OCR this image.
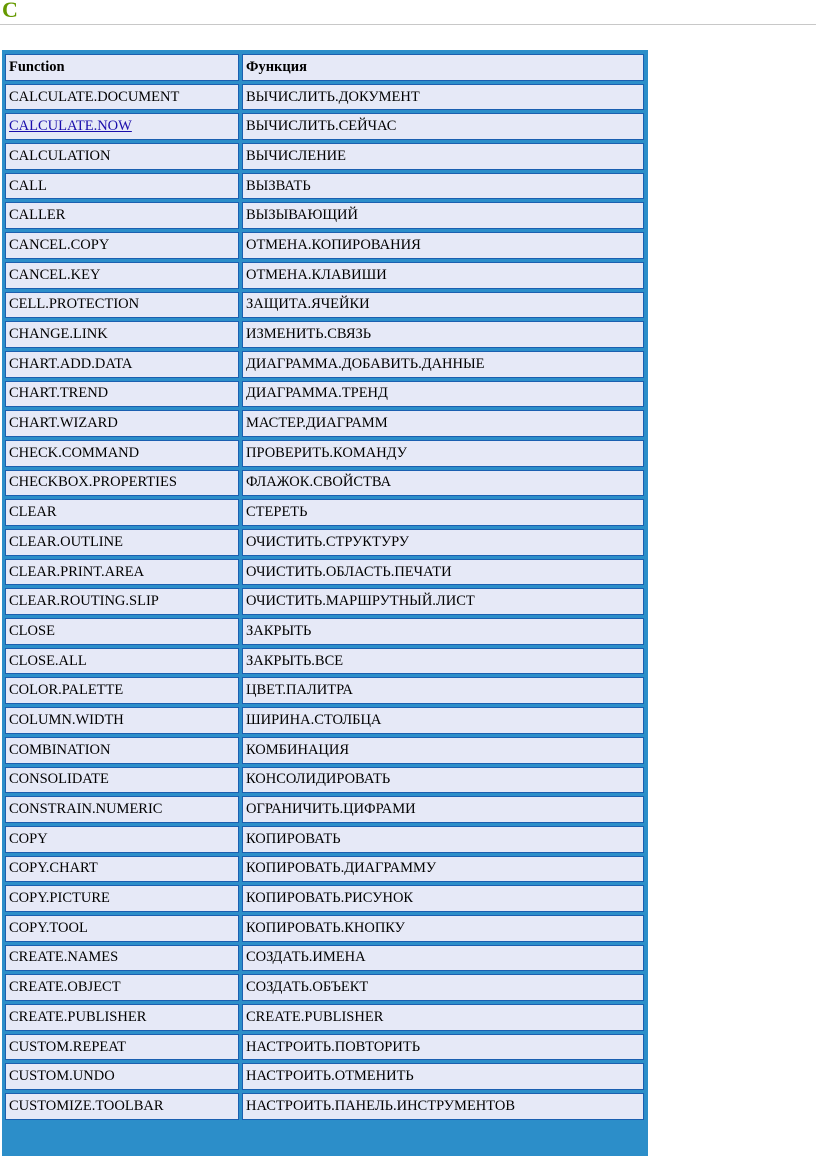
C
Function	Функция
CALCULATE.DOCUMENT	ВЫЧИСЛИТЬ.ДОКУМЕНТ
CALCULATE.NOW	ВЫЧИСЛИТЬ.СЕЙЧАС
CALCULATION	ВЫЧИСЛЕНИЕ
CALL	ВЫЗВАТЬ
CALLER	ВЫЗЫВАЮЩИЙ
CANCEL.COPY	ОТМЕНА.КОПИРОВАНИЯ
CANCEL.KEY	ОТМЕНА.КЛАВИШИ
CELL.PROTECTION	ЗАЩИТА.ЯЧЕЙКИ
CHANGE.LINK	ИЗМЕНИТЬ.СВЯЗЬ
CHART.ADD.DATA	ДИАГРАММА.ДОБАВИТЬ.ДАННЫЕ
CHART.TREND	ДИАГРАММА.ТРЕНД
CHART.WIZARD	МАСТЕР.ДИАГРАММ
CHECK.COMMAND	ПРОВЕРИТЬ.КОМАНДУ
CHECKBOX.PROPERTIES	ФЛАЖОК.СВОЙСТВА
CLEAR	СТЕРЕТЬ
CLEAR.OUTLINE	ОЧИСТИТЬ.СТРУКТУРУ
CLEAR.PRINT.AREA	ОЧИСТИТЬ.ОБЛАСТЬ.ПЕЧАТИ
CLEAR.ROUTING.SLIP	ОЧИСТИТЬ.МАРШРУТНЫЙ.ЛИСТ
CLOSE	ЗАКРЫТЬ
CLOSE.ALL	ЗАКРЫТЬ.ВСЕ
COLOR.PALETTE	ЦВЕТ.ПАЛИТРА
COLUMN.WIDTH	ШИРИНА.СТОЛБЦА
COMBINATION	КОМБИНАЦИЯ
CONSOLIDATE	КОНСОЛИДИРОВАТЬ
CONSTRAIN.NUMERIC	ОГРАНИЧИТЬ.ЦИФРАМИ
COPY	КОПИРОВАТЬ
COPY.CHART	КОПИРОВАТЬ.ДИАГРАММУ
COPY.PICTURE	КОПИРОВАТЬ.РИСУНОК
COPY.TOOL	КОПИРОВАТЬ.КНОПКУ
CREATE.NAMES	СОЗДАТЬ.ИМЕНА
CREATE.OBJECT	СОЗДАТЬ.ОБЪЕКТ
CREATE.PUBLISHER	CREATE.PUBLISHER
CUSTOM.REPEAT	НАСТРОИТЬ.ПОВТОРИТЬ
CUSTOM.UNDO	НАСТРОИТЬ.ОТМЕНИТЬ
CUSTOMIZE.TOOLBAR	НАСТРОИТЬ.ПАНЕЛЬ.ИНСТРУМЕНТОВ
